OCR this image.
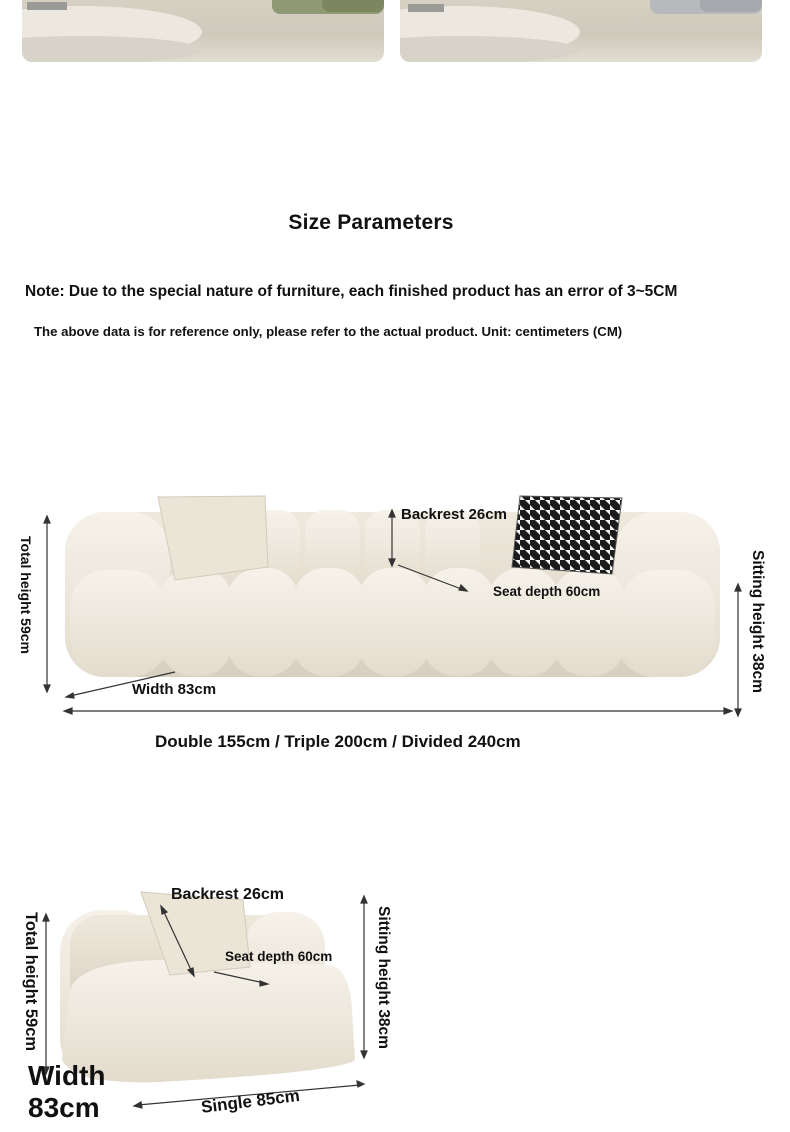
Size Parameters
Note: Due to the special nature of furniture, each finished product has an error of 3~5CM
The above data is for reference only, please refer to the actual product. Unit: centimeters (CM)
Total height 59cm
Backrest 26cm
Seat depth 60cm	Sitting height 38cm
Width 83cm
Double 155cm / Triple 200cm / Divided 240cm
Backrest 26cm
Seat depth 60cm
Total height 59cm	Sitting height 38cm
Width
83cm	Single 85cm
